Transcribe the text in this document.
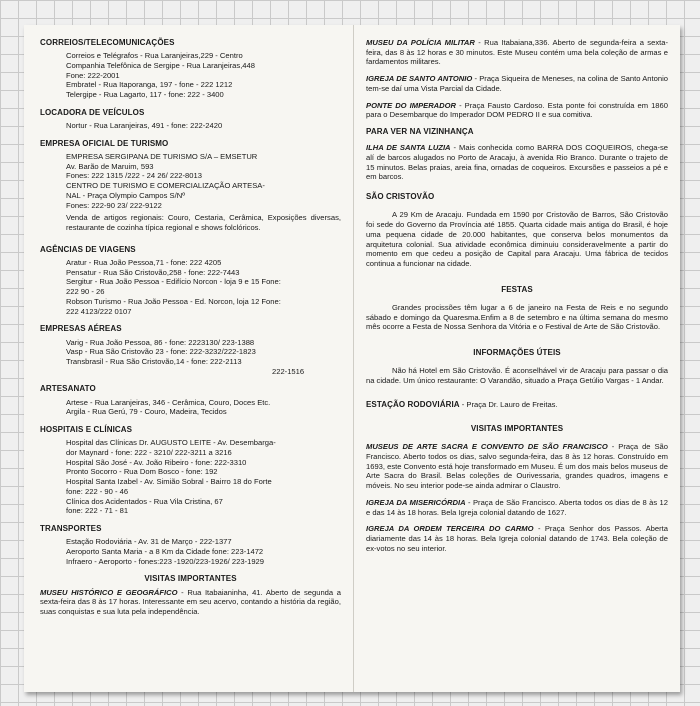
CORREIOS/TELECOMUNICAÇÕES
Correios e Telégrafos - Rua Laranjeiras,229 - Centro
Companhia Telefônica de Sergipe - Rua Laranjeiras,448
Fone: 222-2001
Embratel - Rua Itaporanga, 197 - fone - 222 1212
Telergipe - Rua Lagarto, 117 - fone: 222 - 3400
LOCADORA DE VEÍCULOS
Nortur - Rua Laranjeiras, 491 - fone: 222-2420
EMPRESA OFICIAL DE TURISMO
EMPRESA SERGIPANA DE TURISMO S/A – EMSETUR
Av. Barão de Maruim, 593
Fones: 222 1315 /222 - 24 26/ 222-8013
CENTRO DE TURISMO E COMERCIALIZAÇÃO ARTESA-
NAL - Praça Olympio Campos S/Nº
Fones: 222-90 23/ 222-9122
Venda de artigos regionais: Couro, Cestaria, Cerâmica, Exposições diversas, restaurante de cozinha típica regional e shows folclóricos.
AGÊNCIAS DE VIAGENS
Aratur - Rua João Pessoa,71 - fone: 222 4205
Pensatur - Rua São Cristovão,258 - fone: 222-7443
Sergitur - Rua João Pessoa - Edifício Norcon - loja 9 e 15 Fone:
222 90 - 26
Robson Turismo - Rua João Pessoa - Ed. Norcon, loja 12 Fone:
222 4123/222 0107
EMPRESAS AÉREAS
Varig - Rua João Pessoa, 86 - fone: 2223130/ 223-1388
Vasp - Rua São Cristovão 23 - fone: 222-3232/222-1823
Transbrasil - Rua São Cristovão,14 - fone: 222-2113
222-1516
ARTESANATO
Artese - Rua Laranjeiras, 346 - Cerâmica, Couro, Doces Etc.
Argila - Rua Gerú, 79 - Couro, Madeira, Tecidos
HOSPITAIS E CLÍNICAS
Hospital das Clínicas Dr. AUGUSTO LEITE - Av. Desembarga-
dor Maynard - fone: 222 - 3210/ 222-3211 a 3216
Hospital São José - Av. João Ribeiro - fone: 222-3310
Pronto Socorro - Rua Dom Bosco - fone: 192
Hospital Santa Izabel - Av. Simião Sobral - Bairro 18 do Forte
fone: 222 - 90 - 46
Clínica dos Acidentados - Rua Vila Cristina, 67
fone: 222 - 71 - 81
TRANSPORTES
Estação Rodoviária - Av. 31 de Março - 222-1377
Aeroporto Santa Maria - a 8 Km da Cidade fone: 223-1472
Infraero - Aeroporto - fones:223 -1920/223-1926/ 223-1929
VISITAS IMPORTANTES
MUSEU HISTÓRICO E GEOGRÁFICO - Rua Itabaianinha, 41. Aberto de segunda a sexta-feira das 8 às 17 horas. Interessante em seu acervo, contando a história da região, suas conquistas e sua luta pela independência.
MUSEU DA POLÍCIA MILITAR - Rua Itabaiana,336. Aberto de segunda-feira a sexta-feira, das 8 às 12 horas e 30 minutos. Este Museu contém uma bela coleção de armas e fardamentos militares.
IGREJA DE SANTO ANTONIO - Praça Siqueira de Meneses, na colina de Santo Antonio tem-se daí uma Vista Parcial da Cidade.
PONTE DO IMPERADOR - Praça Fausto Cardoso. Esta ponte foi construída em 1860 para o Desembarque do Imperador DOM PEDRO II e sua comitiva.
PARA VER NA VIZINHANÇA
ILHA DE SANTA LUZIA - Mais conhecida como BARRA DOS COQUEIROS, chega-se alí de barcos alugados no Porto de Aracaju, à avenida Rio Branco. Durante o trajeto de 15 minutos. Belas praias, areia fina, ornadas de coqueiros. Excursões e passeios a pé e em barcos.
SÃO CRISTOVÃO
A 29 Km de Aracaju. Fundada em 1590 por Cristovão de Barros, São Cristovão foi sede do Governo da Província até 1855. Quarta cidade mais antiga do Brasil, é hoje uma pequena cidade de 20.000 habitantes, que conserva belos monumentos da arquitetura colonial. Sua atividade econômica diminuiu consideravelmente a partir do momento em que cedeu a posição de Capital para Aracaju. Uma fábrica de tecidos continua a funcionar na cidade.
FESTAS
Grandes procissões têm lugar a 6 de janeiro na Festa de Reis e no segundo sábado e domingo da Quaresma.Enfim a 8 de setembro e na última semana do mesmo mês ocorre a Festa de Nossa Senhora da Vitória e o Festival de Arte de São Cristovão.
INFORMAÇÕES ÚTEIS
Não há Hotel em São Cristovão. É aconselhável vir de Aracaju para passar o dia na cidade. Um único restaurante: O Varandão, situado a Praça Getúlio Vargas - 1 Andar.
ESTAÇÃO RODOVIÁRIA - Praça Dr. Lauro de Freitas.
VISITAS IMPORTANTES
MUSEUS DE ARTE SACRA E CONVENTO DE SÃO FRANCISCO - Praça de São Francisco. Aberto todos os dias, salvo segunda-feira, das 8 às 12 horas. Construído em 1693, este Convento está hoje transformado em Museu. É um dos mais belos museus de Arte Sacra do Brasil. Belas coleções de Ourivessaria, grandes quadros, imagens e móveis. No seu interior pode-se ainda admirar o Claustro.
IGREJA DA MISERICÓRDIA - Praça de São Francisco. Aberta todos os dias de 8 às 12 e das 14 às 18 horas. Bela Igreja colonial datando de 1627.
IGREJA DA ORDEM TERCEIRA DO CARMO - Praça Senhor dos Passos. Aberta diariamente das 14 às 18 horas. Bela Igreja colonial datando de 1743. Bela coleção de ex-votos no seu interior.
